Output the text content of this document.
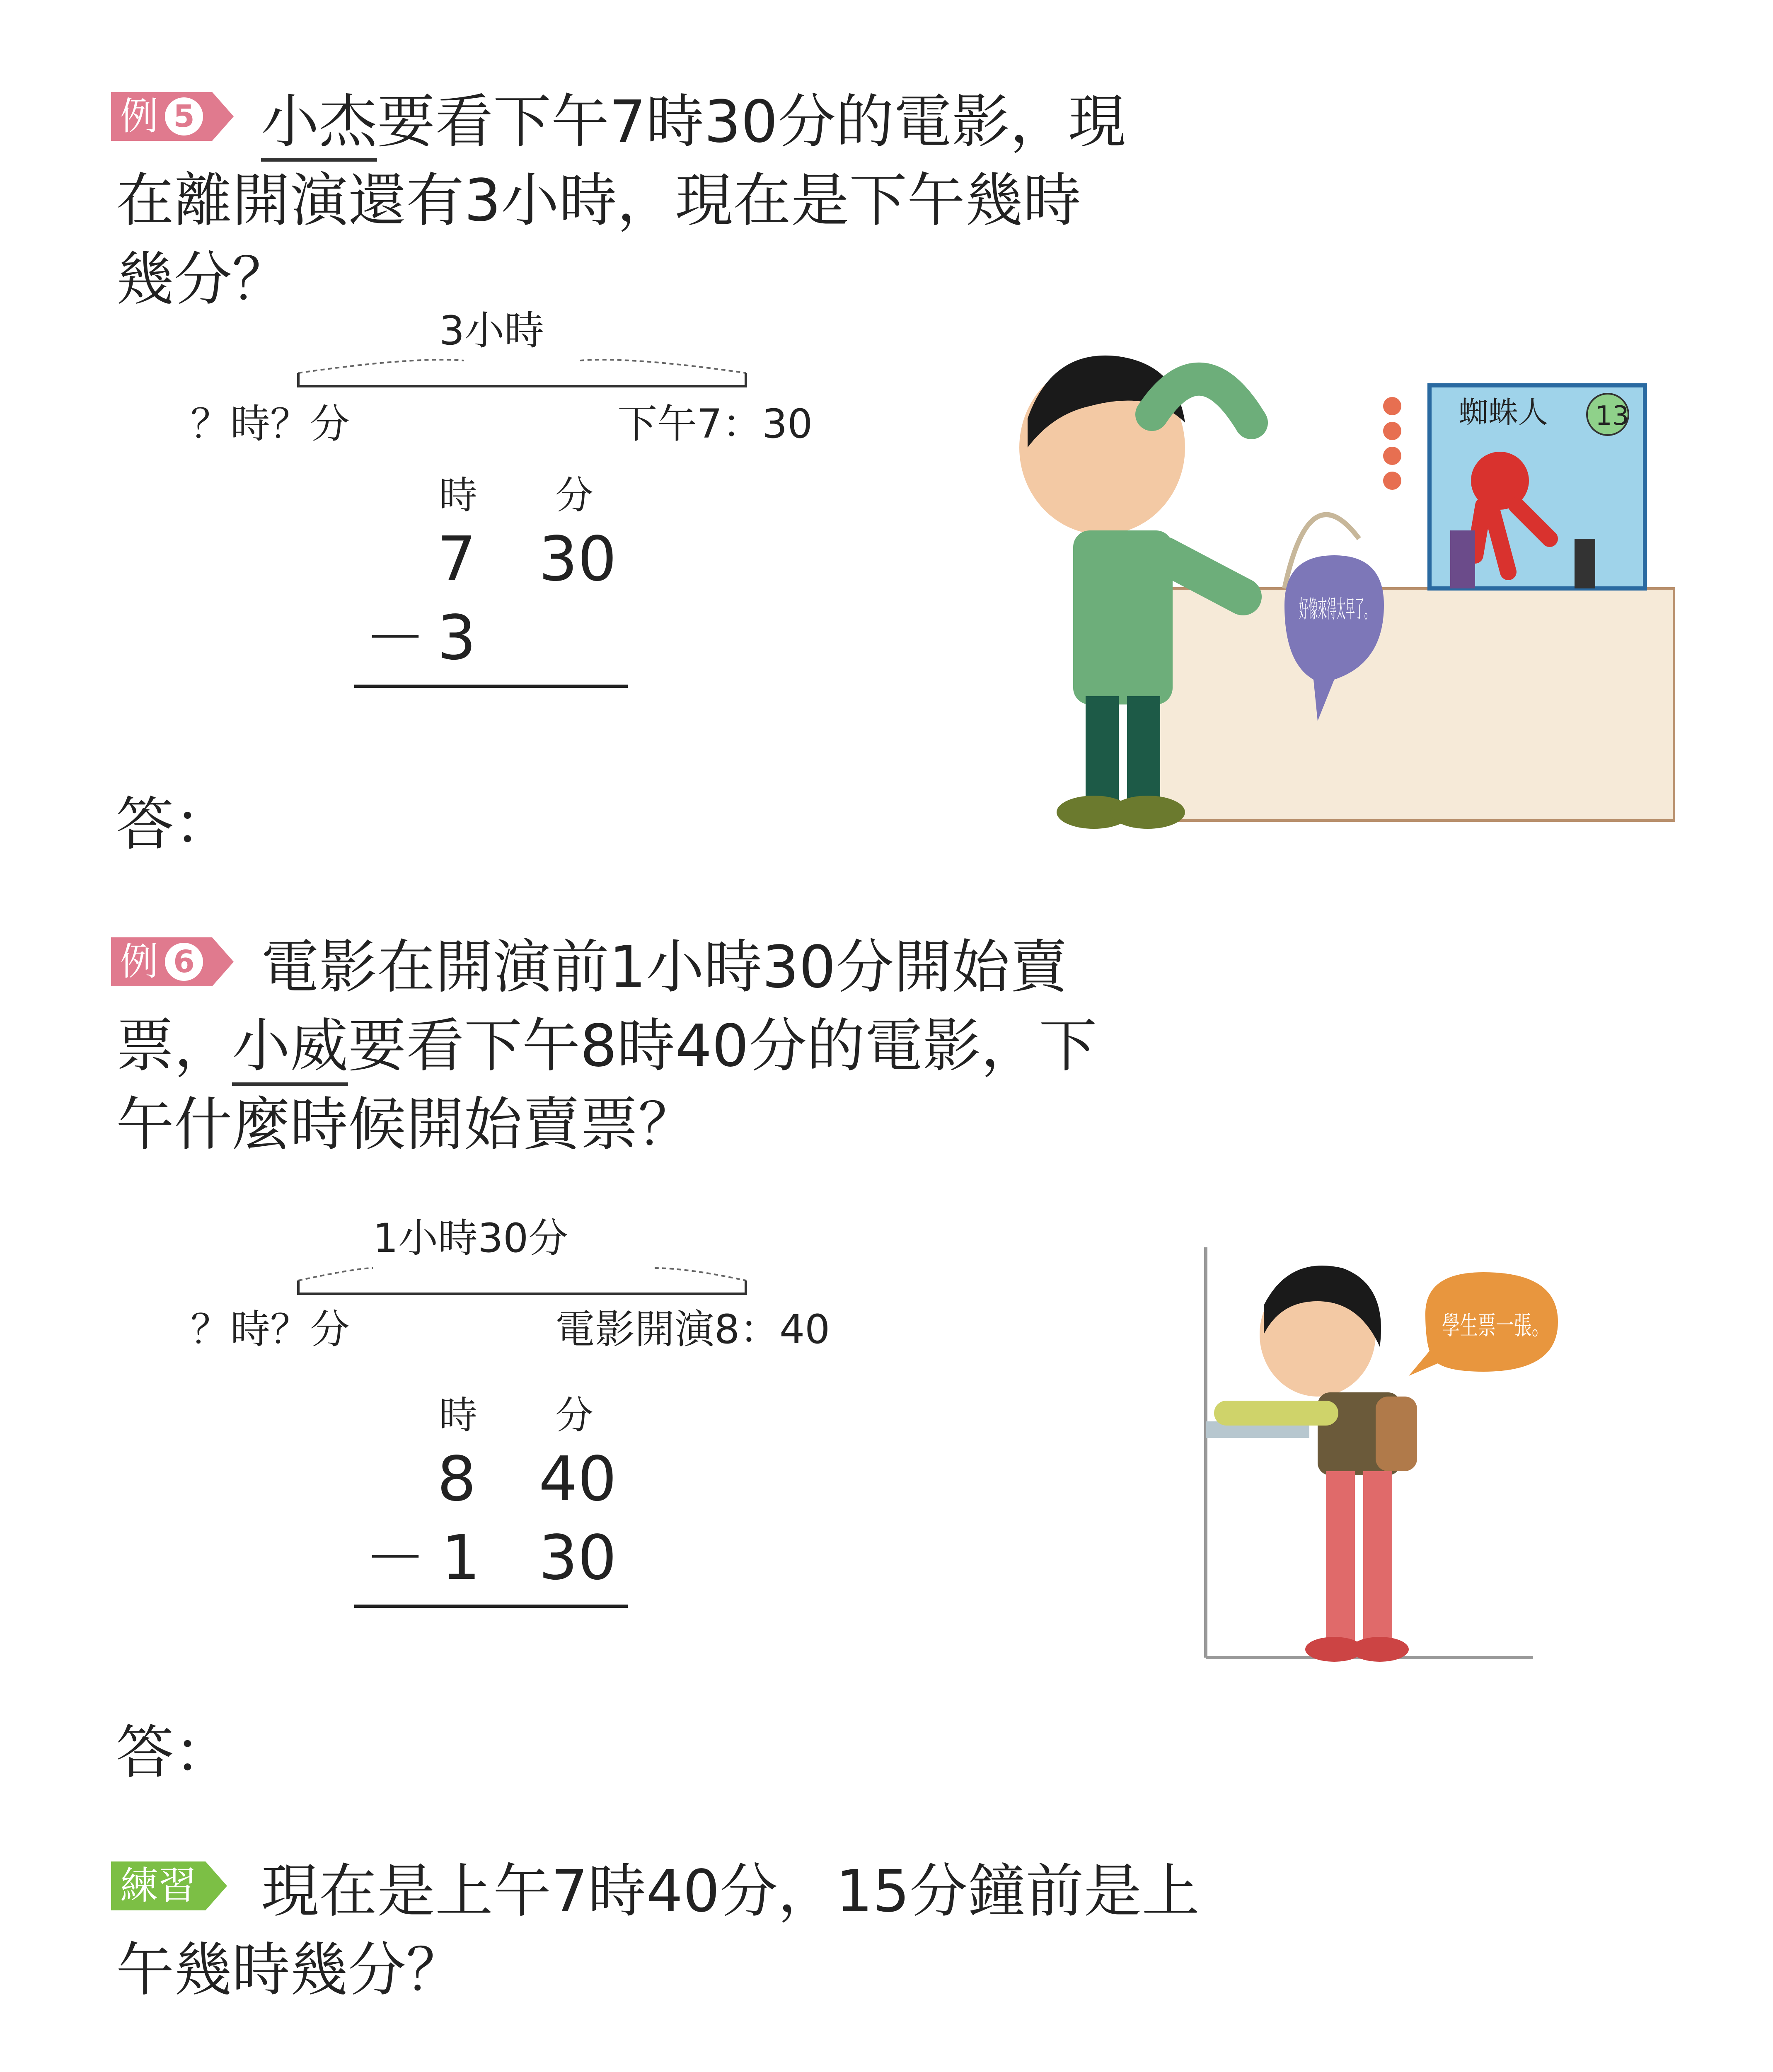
例 5 小杰要看下午7時30分的電影，現
在離開演還有3小時，現在是下午幾時
幾分？
3小時
？時？分	下午7：30
時 分
7 30
－ 3
答：
蜘蛛人 13
好像來得太早了。
例 6 電影在開演前1小時30分開始賣
票，小威要看下午8時40分的電影，下
午什麼時候開始賣票？
1小時30分
？時？分	電影開演8：40
時 分
8 40
－ 1 30
答：
學生票一張。
練習 現在是上午7時40分，15分鐘前是上
午幾時幾分？
